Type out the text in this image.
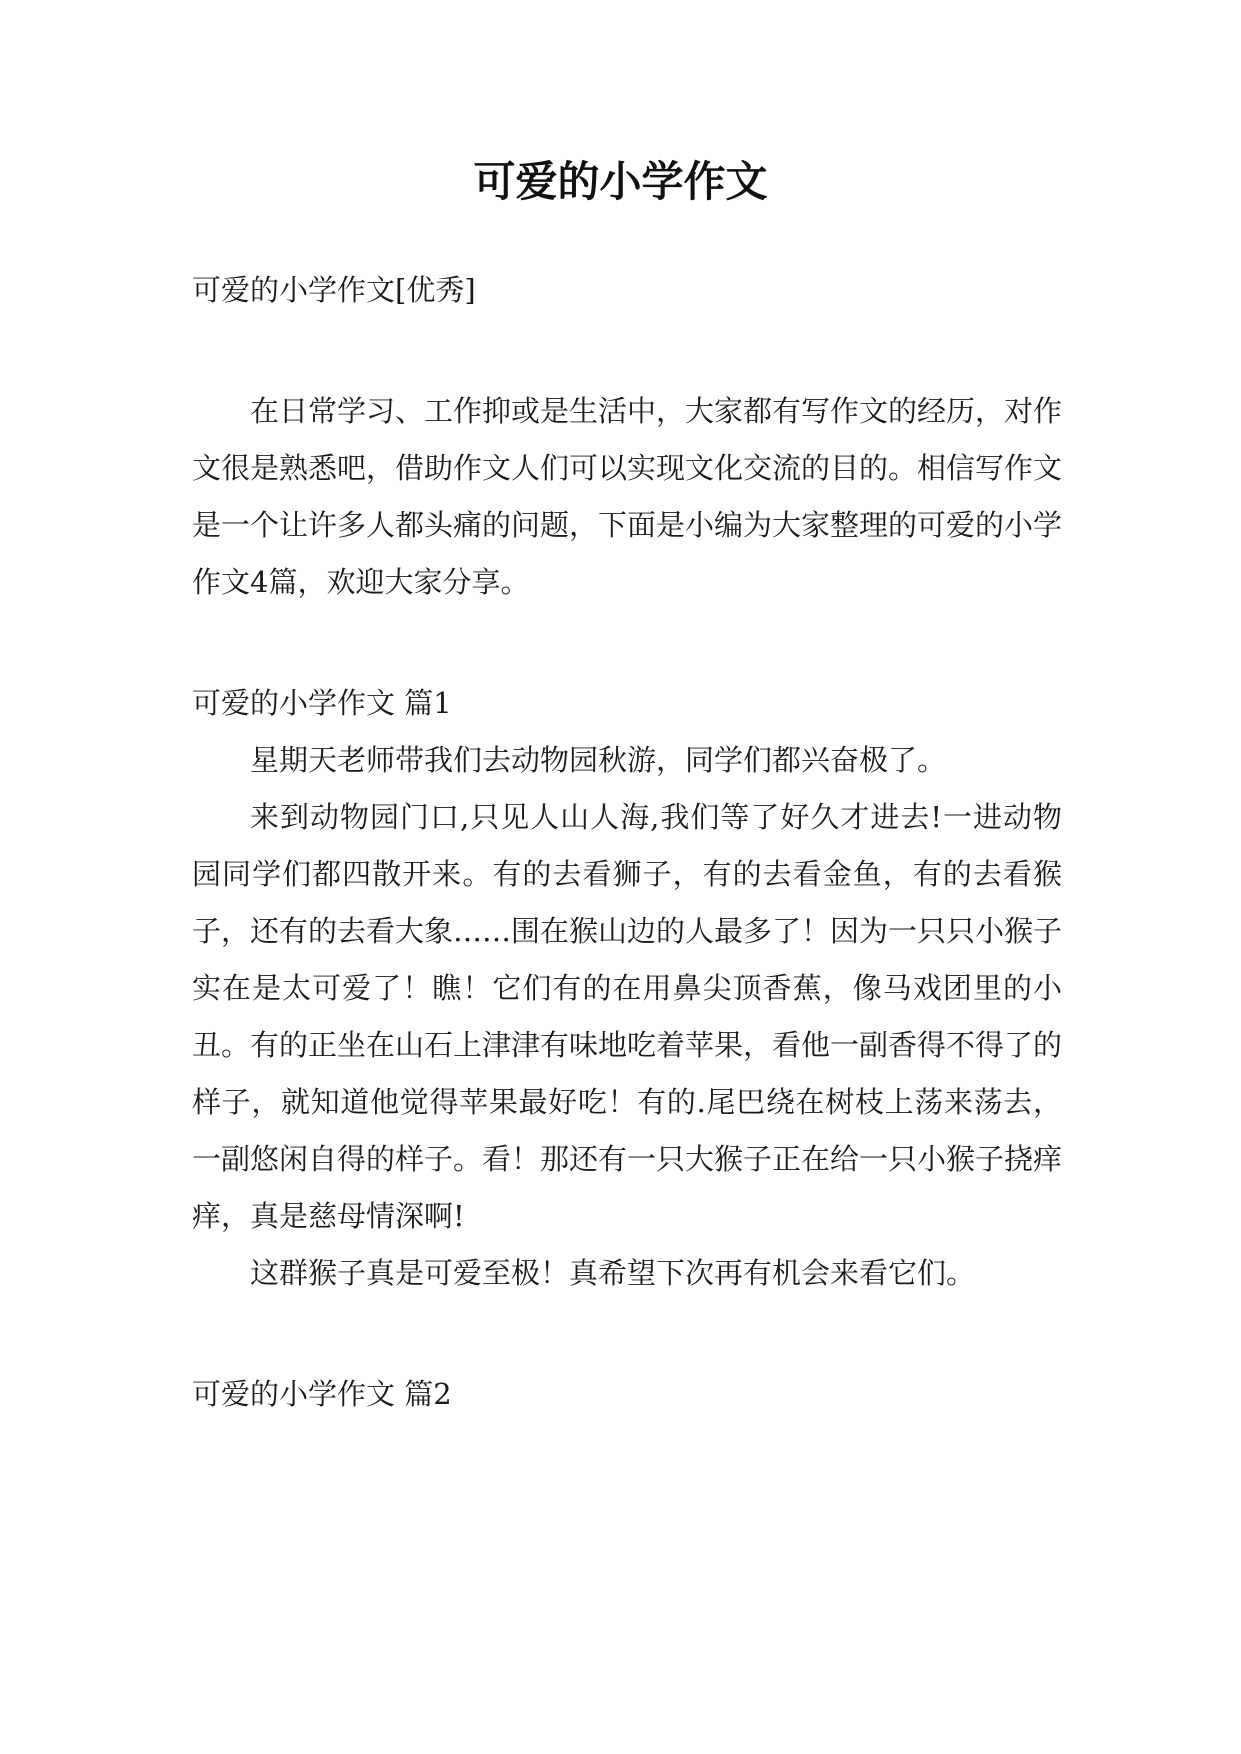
可爱的小学作文

可爱的小学作文[优秀]

在日常学习、工作抑或是生活中，大家都有写作文的经历，对作文很是熟悉吧，借助作文人们可以实现文化交流的目的。相信写作文是一个让许多人都头痛的问题，下面是小编为大家整理的可爱的小学作文4篇，欢迎大家分享。

可爱的小学作文 篇1

星期天老师带我们去动物园秋游，同学们都兴奋极了。

来到动物园门口,只见人山人海,我们等了好久才进去!一进动物园同学们都四散开来。有的去看狮子，有的去看金鱼，有的去看猴子，还有的去看大象……围在猴山边的人最多了！因为一只只小猴子实在是太可爱了！瞧！它们有的在用鼻尖顶香蕉，像马戏团里的小丑。有的正坐在山石上津津有味地吃着苹果，看他一副香得不得了的样子，就知道他觉得苹果最好吃！有的.尾巴绕在树枝上荡来荡去，一副悠闲自得的样子。看！那还有一只大猴子正在给一只小猴子挠痒痒，真是慈母情深啊!

这群猴子真是可爱至极！真希望下次再有机会来看它们。

可爱的小学作文 篇2
